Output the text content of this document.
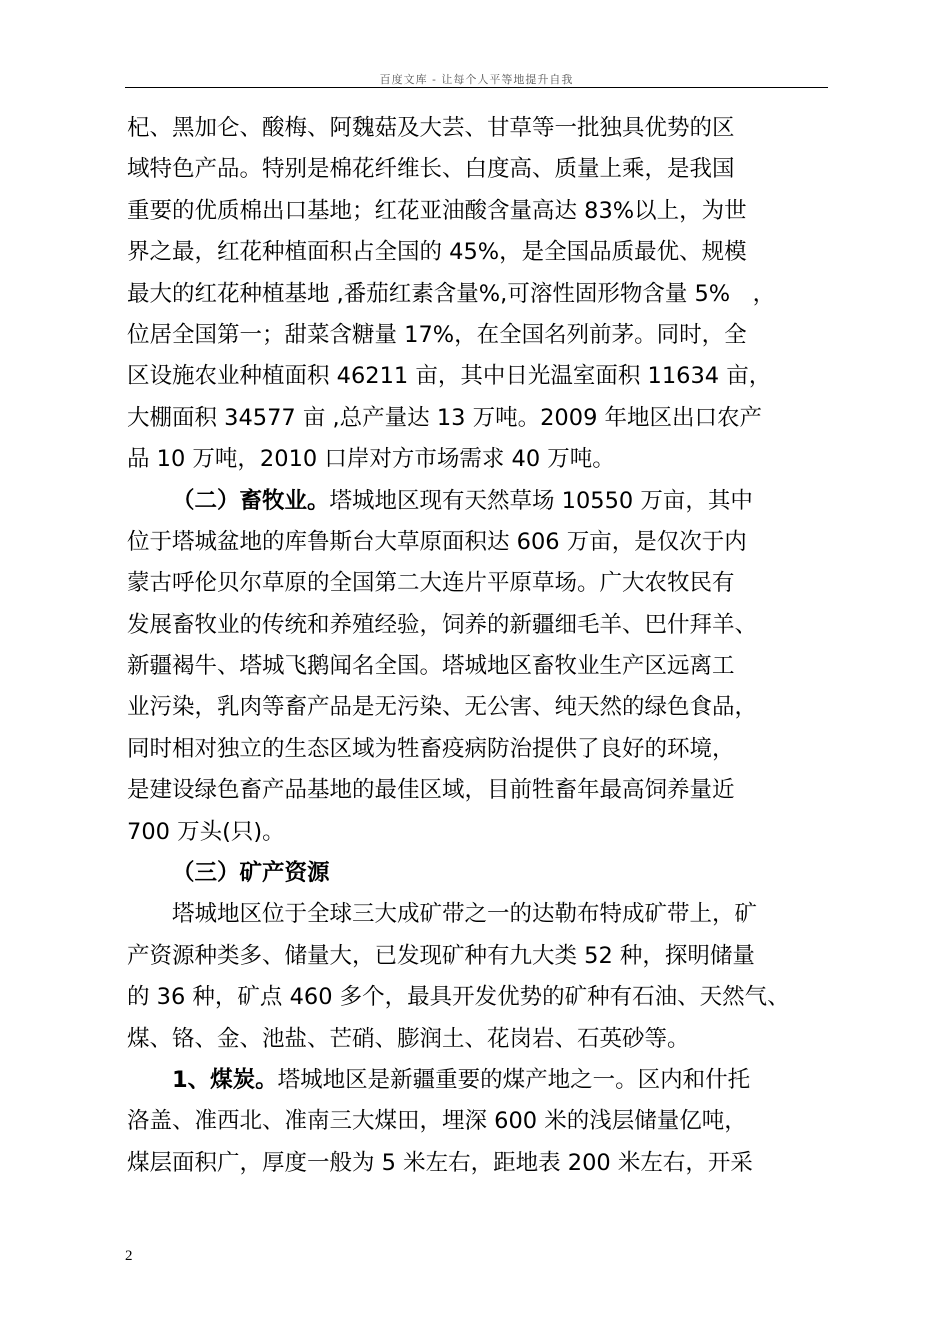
百度文库 - 让每个人平等地提升自我
杞、黑加仑、酸梅、阿魏菇及大芸、甘草等一批独具优势的区
域特色产品。特别是棉花纤维长、白度高、质量上乘，是我国
重要的优质棉出口基地；红花亚油酸含量高达 83%以上，为世
界之最，红花种植面积占全国的 45%，是全国品质最优、规模
最大的红花种植基地 ,番茄红素含量%,可溶性固形物含量 5%　，
位居全国第一；甜菜含糖量 17%，在全国名列前茅。同时，全
区设施农业种植面积 46211 亩，其中日光温室面积 11634 亩，
大棚面积 34577 亩 ,总产量达 13 万吨。2009 年地区出口农产
品 10 万吨，2010 口岸对方市场需求 40 万吨。
（二）畜牧业。塔城地区现有天然草场 10550 万亩，其中
位于塔城盆地的库鲁斯台大草原面积达 606 万亩，是仅次于内
蒙古呼伦贝尔草原的全国第二大连片平原草场。广大农牧民有
发展畜牧业的传统和养殖经验，饲养的新疆细毛羊、巴什拜羊、
新疆褐牛、塔城飞鹅闻名全国。塔城地区畜牧业生产区远离工
业污染，乳肉等畜产品是无污染、无公害、纯天然的绿色食品，
同时相对独立的生态区域为牲畜疫病防治提供了良好的环境，
是建设绿色畜产品基地的最佳区域，目前牲畜年最高饲养量近
700 万头(只)。
（三）矿产资源
塔城地区位于全球三大成矿带之一的达勒布特成矿带上，矿
产资源种类多、储量大，已发现矿种有九大类 52 种，探明储量
的 36 种，矿点 460 多个，最具开发优势的矿种有石油、天然气、
煤、铬、金、池盐、芒硝、膨润土、花岗岩、石英砂等。
1、煤炭。塔城地区是新疆重要的煤产地之一。区内和什托
洛盖、准西北、准南三大煤田，埋深 600 米的浅层储量亿吨，
煤层面积广，厚度一般为 5 米左右，距地表 200 米左右，开采
2
